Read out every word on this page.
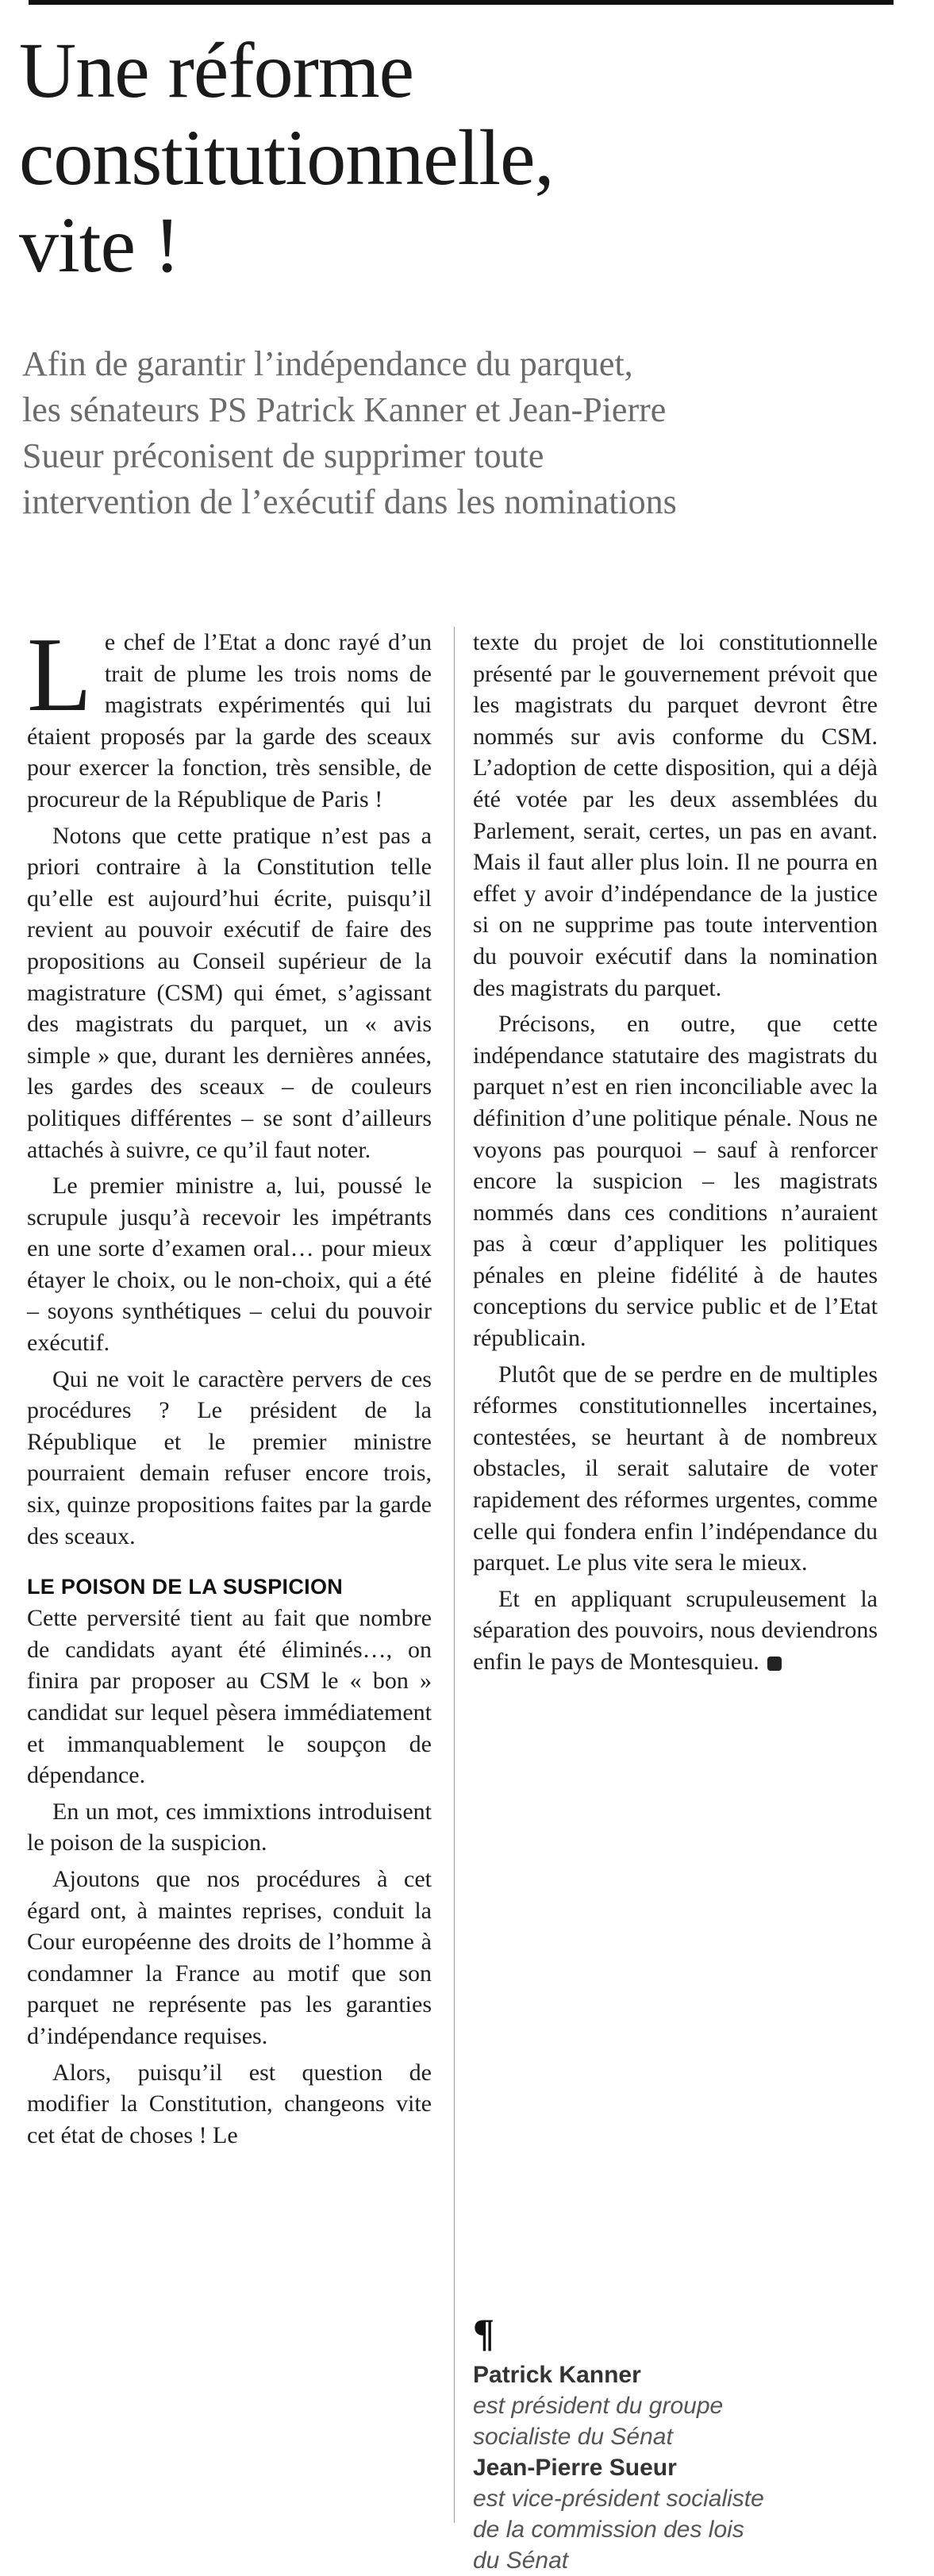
Une réforme
constitutionnelle,
vite !

Afin de garantir l’indépendance du parquet,
les sénateurs PS Patrick Kanner et Jean-Pierre
Sueur préconisent de supprimer toute
intervention de l’exécutif dans les nominations

L e chef de l’Etat a donc rayé d’un trait de plume les trois noms de magistrats expérimentés qui lui étaient proposés par la garde des sceaux pour exercer la fonction, très sensible, de procureur de la République de Paris !

Notons que cette pratique n’est pas a priori contraire à la Constitution telle qu’elle est aujourd’hui écrite, puisqu’il revient au pouvoir exécutif de faire des propositions au Conseil supérieur de la magistrature (CSM) qui émet, s’agissant des magistrats du parquet, un « avis simple » que, durant les dernières années, les gardes des sceaux – de couleurs politiques différentes – se sont d’ailleurs attachés à suivre, ce qu’il faut noter.

Le premier ministre a, lui, poussé le scrupule jusqu’à recevoir les impétrants en une sorte d’examen oral… pour mieux étayer le choix, ou le non-choix, qui a été – soyons synthétiques – celui du pouvoir exécutif.

Qui ne voit le caractère pervers de ces procédures ? Le président de la République et le premier ministre pourraient demain refuser encore trois, six, quinze propositions faites par la garde des sceaux.

LE POISON DE LA SUSPICION

Cette perversité tient au fait que nombre de candidats ayant été éliminés…, on finira par proposer au CSM le « bon » candidat sur lequel pèsera immédiatement et immanquablement le soupçon de dépendance.

En un mot, ces immixtions introduisent le poison de la suspicion.

Ajoutons que nos procédures à cet égard ont, à maintes reprises, conduit la Cour européenne des droits de l’homme à condamner la France au motif que son parquet ne représente pas les garanties d’indépendance requises.

Alors, puisqu’il est question de modifier la Constitution, changeons vite cet état de choses ! Le

texte du projet de loi constitutionnelle présenté par le gouvernement prévoit que les magistrats du parquet devront être nommés sur avis conforme du CSM. L’adoption de cette disposition, qui a déjà été votée par les deux assemblées du Parlement, serait, certes, un pas en avant. Mais il faut aller plus loin. Il ne pourra en effet y avoir d’indépendance de la justice si on ne supprime pas toute intervention du pouvoir exécutif dans la nomination des magistrats du parquet.

Précisons, en outre, que cette indépendance statutaire des magistrats du parquet n’est en rien inconciliable avec la définition d’une politique pénale. Nous ne voyons pas pourquoi – sauf à renforcer encore la suspicion – les magistrats nommés dans ces conditions n’auraient pas à cœur d’appliquer les politiques pénales en pleine fidélité à de hautes conceptions du service public et de l’Etat républicain.

Plutôt que de se perdre en de multiples réformes constitutionnelles incertaines, contestées, se heurtant à de nombreux obstacles, il serait salutaire de voter rapidement des réformes urgentes, comme celle qui fondera enfin l’indépendance du parquet. Le plus vite sera le mieux.

Et en appliquant scrupuleusement la séparation des pouvoirs, nous deviendrons enfin le pays de Montesquieu.

¶
Patrick Kanner
est président du groupe
socialiste du Sénat
Jean-Pierre Sueur
est vice-président socialiste
de la commission des lois
du Sénat
